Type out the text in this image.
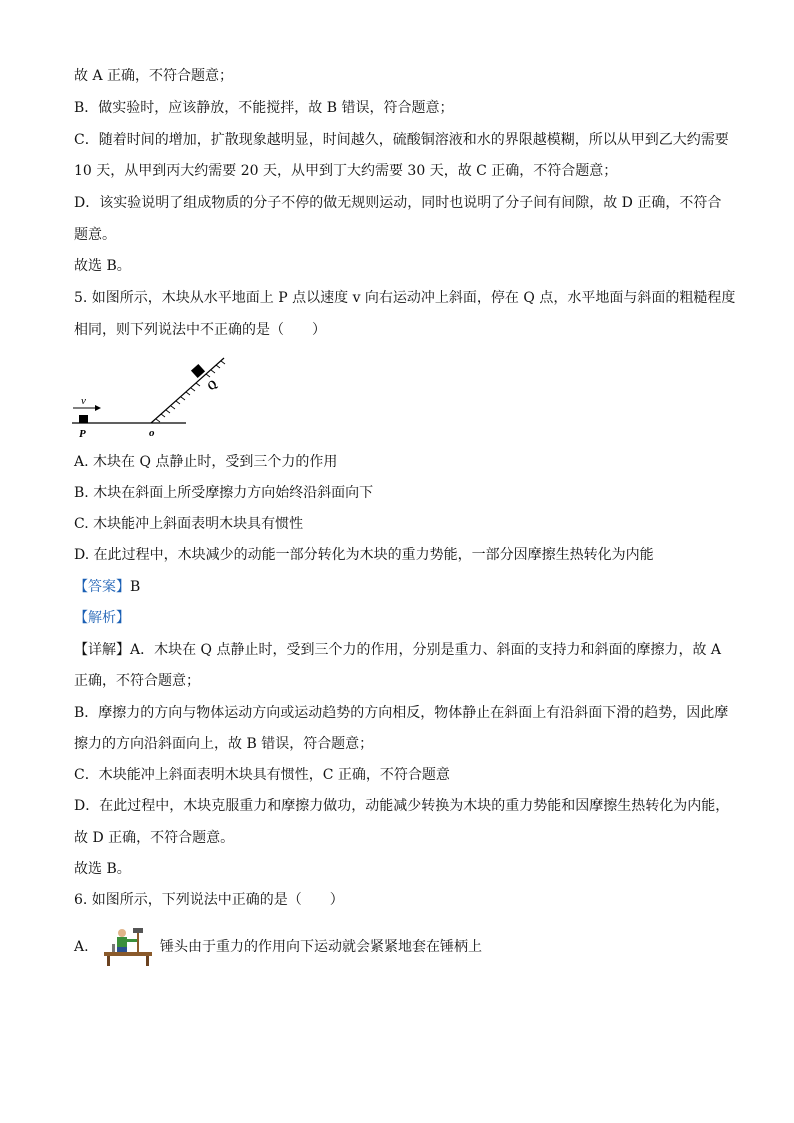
故 A 正确，不符合题意；
B．做实验时，应该静放，不能搅拌，故 B 错误，符合题意；
C．随着时间的增加，扩散现象越明显，时间越久，硫酸铜溶液和水的界限越模糊，所以从甲到乙大约需要
10 天，从甲到丙大约需要 20 天，从甲到丁大约需要 30 天，故 C 正确，不符合题意；
D．该实验说明了组成物质的分子不停的做无规则运动，同时也说明了分子间有间隙，故 D 正确，不符合
题意。
故选 B。
5. 如图所示，木块从水平地面上 P 点以速度 v 向右运动冲上斜面，停在 Q 点，水平地面与斜面的粗糙程度
相同，则下列说法中不正确的是（　　）
v
P	o
Q
A. 木块在 Q 点静止时，受到三个力的作用
B. 木块在斜面上所受摩擦力方向始终沿斜面向下
C. 木块能冲上斜面表明木块具有惯性
D. 在此过程中，木块减少的动能一部分转化为木块的重力势能，一部分因摩擦生热转化为内能
【答案】B
【解析】
【详解】A．木块在 Q 点静止时，受到三个力的作用，分别是重力、斜面的支持力和斜面的摩擦力，故 A
正确，不符合题意；
B．摩擦力的方向与物体运动方向或运动趋势的方向相反，物体静止在斜面上有沿斜面下滑的趋势，因此摩
擦力的方向沿斜面向上，故 B 错误，符合题意；
C．木块能冲上斜面表明木块具有惯性，C 正确，不符合题意
D．在此过程中，木块克服重力和摩擦力做功，动能减少转换为木块的重力势能和因摩擦生热转化为内能，
故 D 正确，不符合题意。
故选 B。
6. 如图所示，下列说法中正确的是（　　）
A.	锤头由于重力的作用向下运动就会紧紧地套在锤柄上
